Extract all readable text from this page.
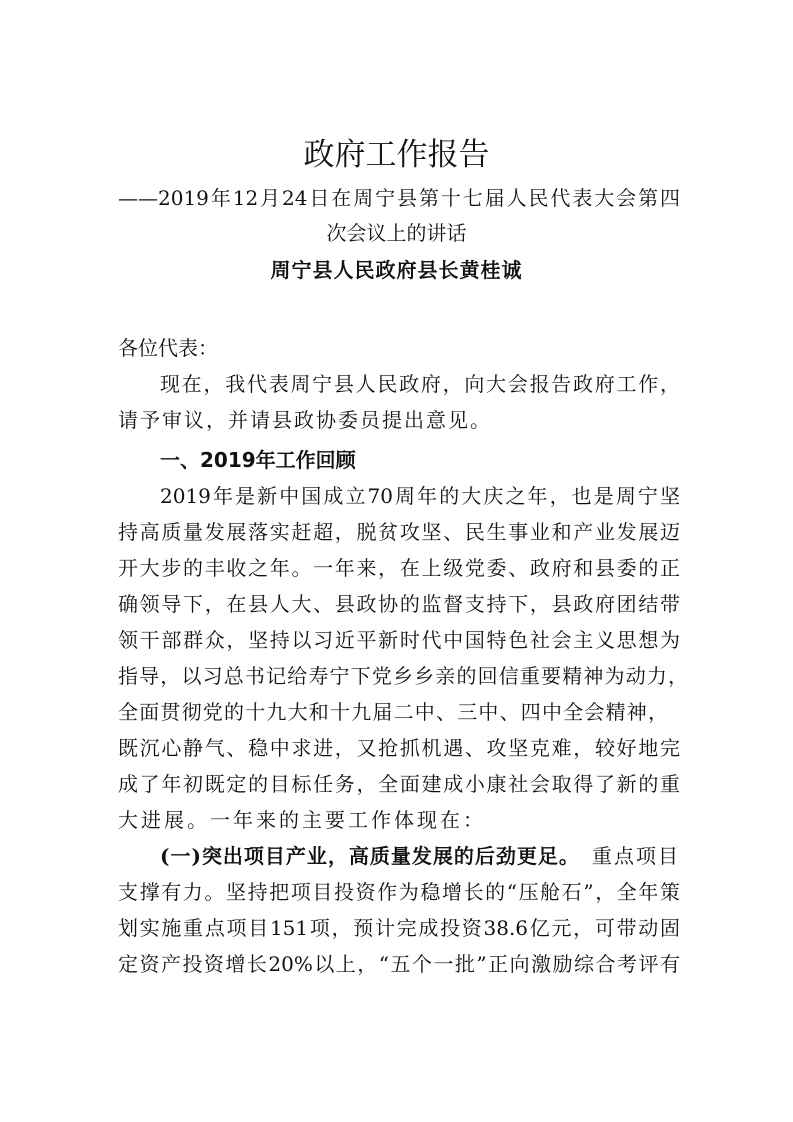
政府工作报告
——2019年12月24日在周宁县第十七届人民代表大会第四
次会议上的讲话
周宁县人民政府县长黄桂诚
各位代表：
现在，我代表周宁县人民政府，向大会报告政府工作，
请予审议，并请县政协委员提出意见。
一、2019年工作回顾
2019年是新中国成立70周年的大庆之年，也是周宁坚
持高质量发展落实赶超，脱贫攻坚、民生事业和产业发展迈
开大步的丰收之年。一年来，在上级党委、政府和县委的正
确领导下，在县人大、县政协的监督支持下，县政府团结带
领干部群众，坚持以习近平新时代中国特色社会主义思想为
指导，以习总书记给寿宁下党乡乡亲的回信重要精神为动力，
全面贯彻党的十九大和十九届二中、三中、四中全会精神，
既沉心静气、稳中求进，又抢抓机遇、攻坚克难，较好地完
成了年初既定的目标任务，全面建成小康社会取得了新的重
大进展。一年来的主要工作体现在：
(一)突出项目产业，高质量发展的后劲更足。 重点项目
支撑有力。坚持把项目投资作为稳增长的“压舱石”，全年策
划实施重点项目151项，预计完成投资38.6亿元，可带动固
定资产投资增长20%以上，“五个一批”正向激励综合考评有
